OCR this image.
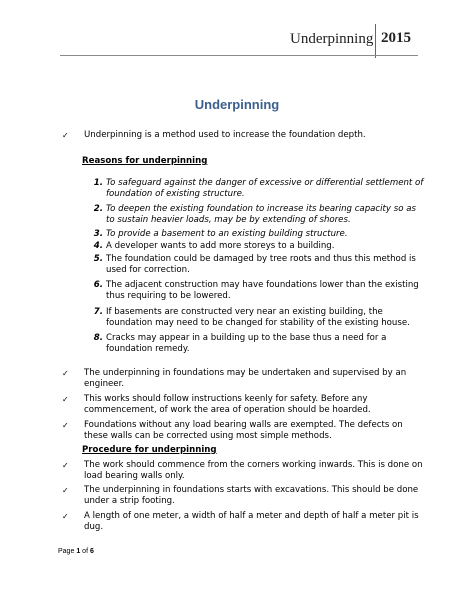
Underpinning 2015
Underpinning
✓ Underpinning is a method used to increase the foundation depth.
Reasons for underpinning
1. To safeguard against the danger of excessive or differential settlement of foundation of existing structure.
2. To deepen the existing foundation to increase its bearing capacity so as to sustain heavier loads, may be by extending of shores.
3. To provide a basement to an existing building structure.
4. A developer wants to add more storeys to a building.
5. The foundation could be damaged by tree roots and thus this method is used for correction.
6. The adjacent construction may have foundations lower than the existing thus requiring to be lowered.
7. If basements are constructed very near an existing building, the foundation may need to be changed for stability of the existing house.
8. Cracks may appear in a building up to the base thus a need for a foundation remedy.
✓ The underpinning in foundations may be undertaken and supervised by an engineer.
✓ This works should follow instructions keenly for safety. Before any commencement, of work the area of operation should be hoarded.
✓ Foundations without any load bearing walls are exempted. The defects on these walls can be corrected using most simple methods.
Procedure for underpinning
✓ The work should commence from the corners working inwards. This is done on load bearing walls only.
✓ The underpinning in foundations starts with excavations. This should be done under a strip footing.
✓ A length of one meter, a width of half a meter and depth of half a meter pit is dug.
Page 1 of 6
